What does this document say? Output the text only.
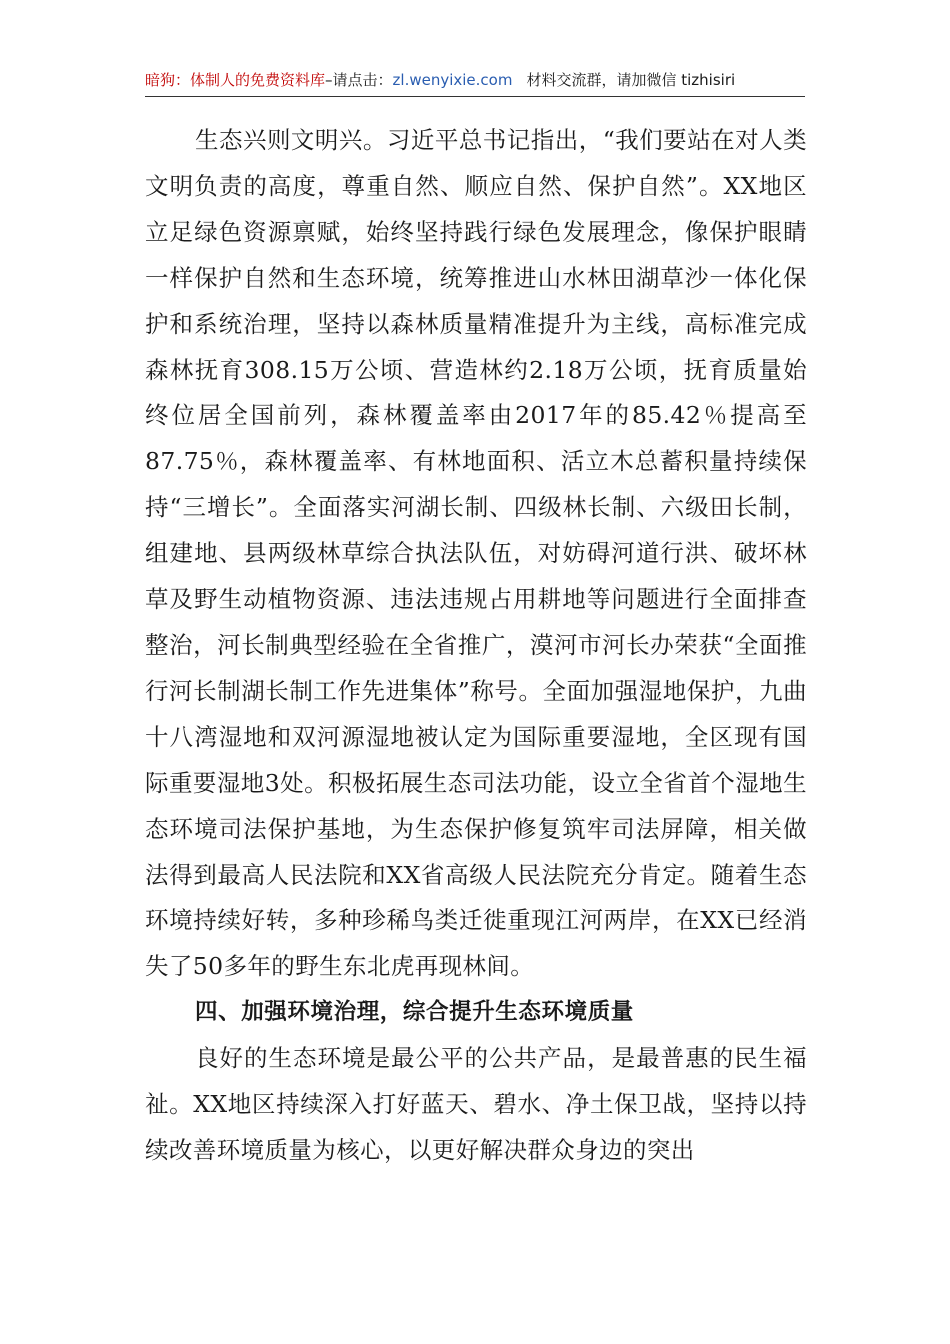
暗狗：体制人的免费资料库–请点击：zl.wenyixie.com 材料交流群，请加微信 tizhisiri

生态兴则文明兴。习近平总书记指出，“我们要站在对人类文明负责的高度，尊重自然、顺应自然、保护自然”。XX地区立足绿色资源禀赋，始终坚持践行绿色发展理念，像保护眼睛一样保护自然和生态环境，统筹推进山水林田湖草沙一体化保护和系统治理，坚持以森林质量精准提升为主线，高标准完成森林抚育308.15万公顷、营造林约2.18万公顷，抚育质量始终位居全国前列，森林覆盖率由2017年的85.42％提高至87.75％，森林覆盖率、有林地面积、活立木总蓄积量持续保持“三增长”。全面落实河湖长制、四级林长制、六级田长制，组建地、县两级林草综合执法队伍，对妨碍河道行洪、破坏林草及野生动植物资源、违法违规占用耕地等问题进行全面排查整治，河长制典型经验在全省推广，漠河市河长办荣获“全面推行河长制湖长制工作先进集体”称号。全面加强湿地保护，九曲十八湾湿地和双河源湿地被认定为国际重要湿地，全区现有国际重要湿地3处。积极拓展生态司法功能，设立全省首个湿地生态环境司法保护基地，为生态保护修复筑牢司法屏障，相关做法得到最高人民法院和XX省高级人民法院充分肯定。随着生态环境持续好转，多种珍稀鸟类迁徙重现江河两岸，在XX已经消失了50多年的野生东北虎再现林间。

四、加强环境治理，综合提升生态环境质量

良好的生态环境是最公平的公共产品，是最普惠的民生福祉。XX地区持续深入打好蓝天、碧水、净土保卫战，坚持以持续改善环境质量为核心，以更好解决群众身边的突出
